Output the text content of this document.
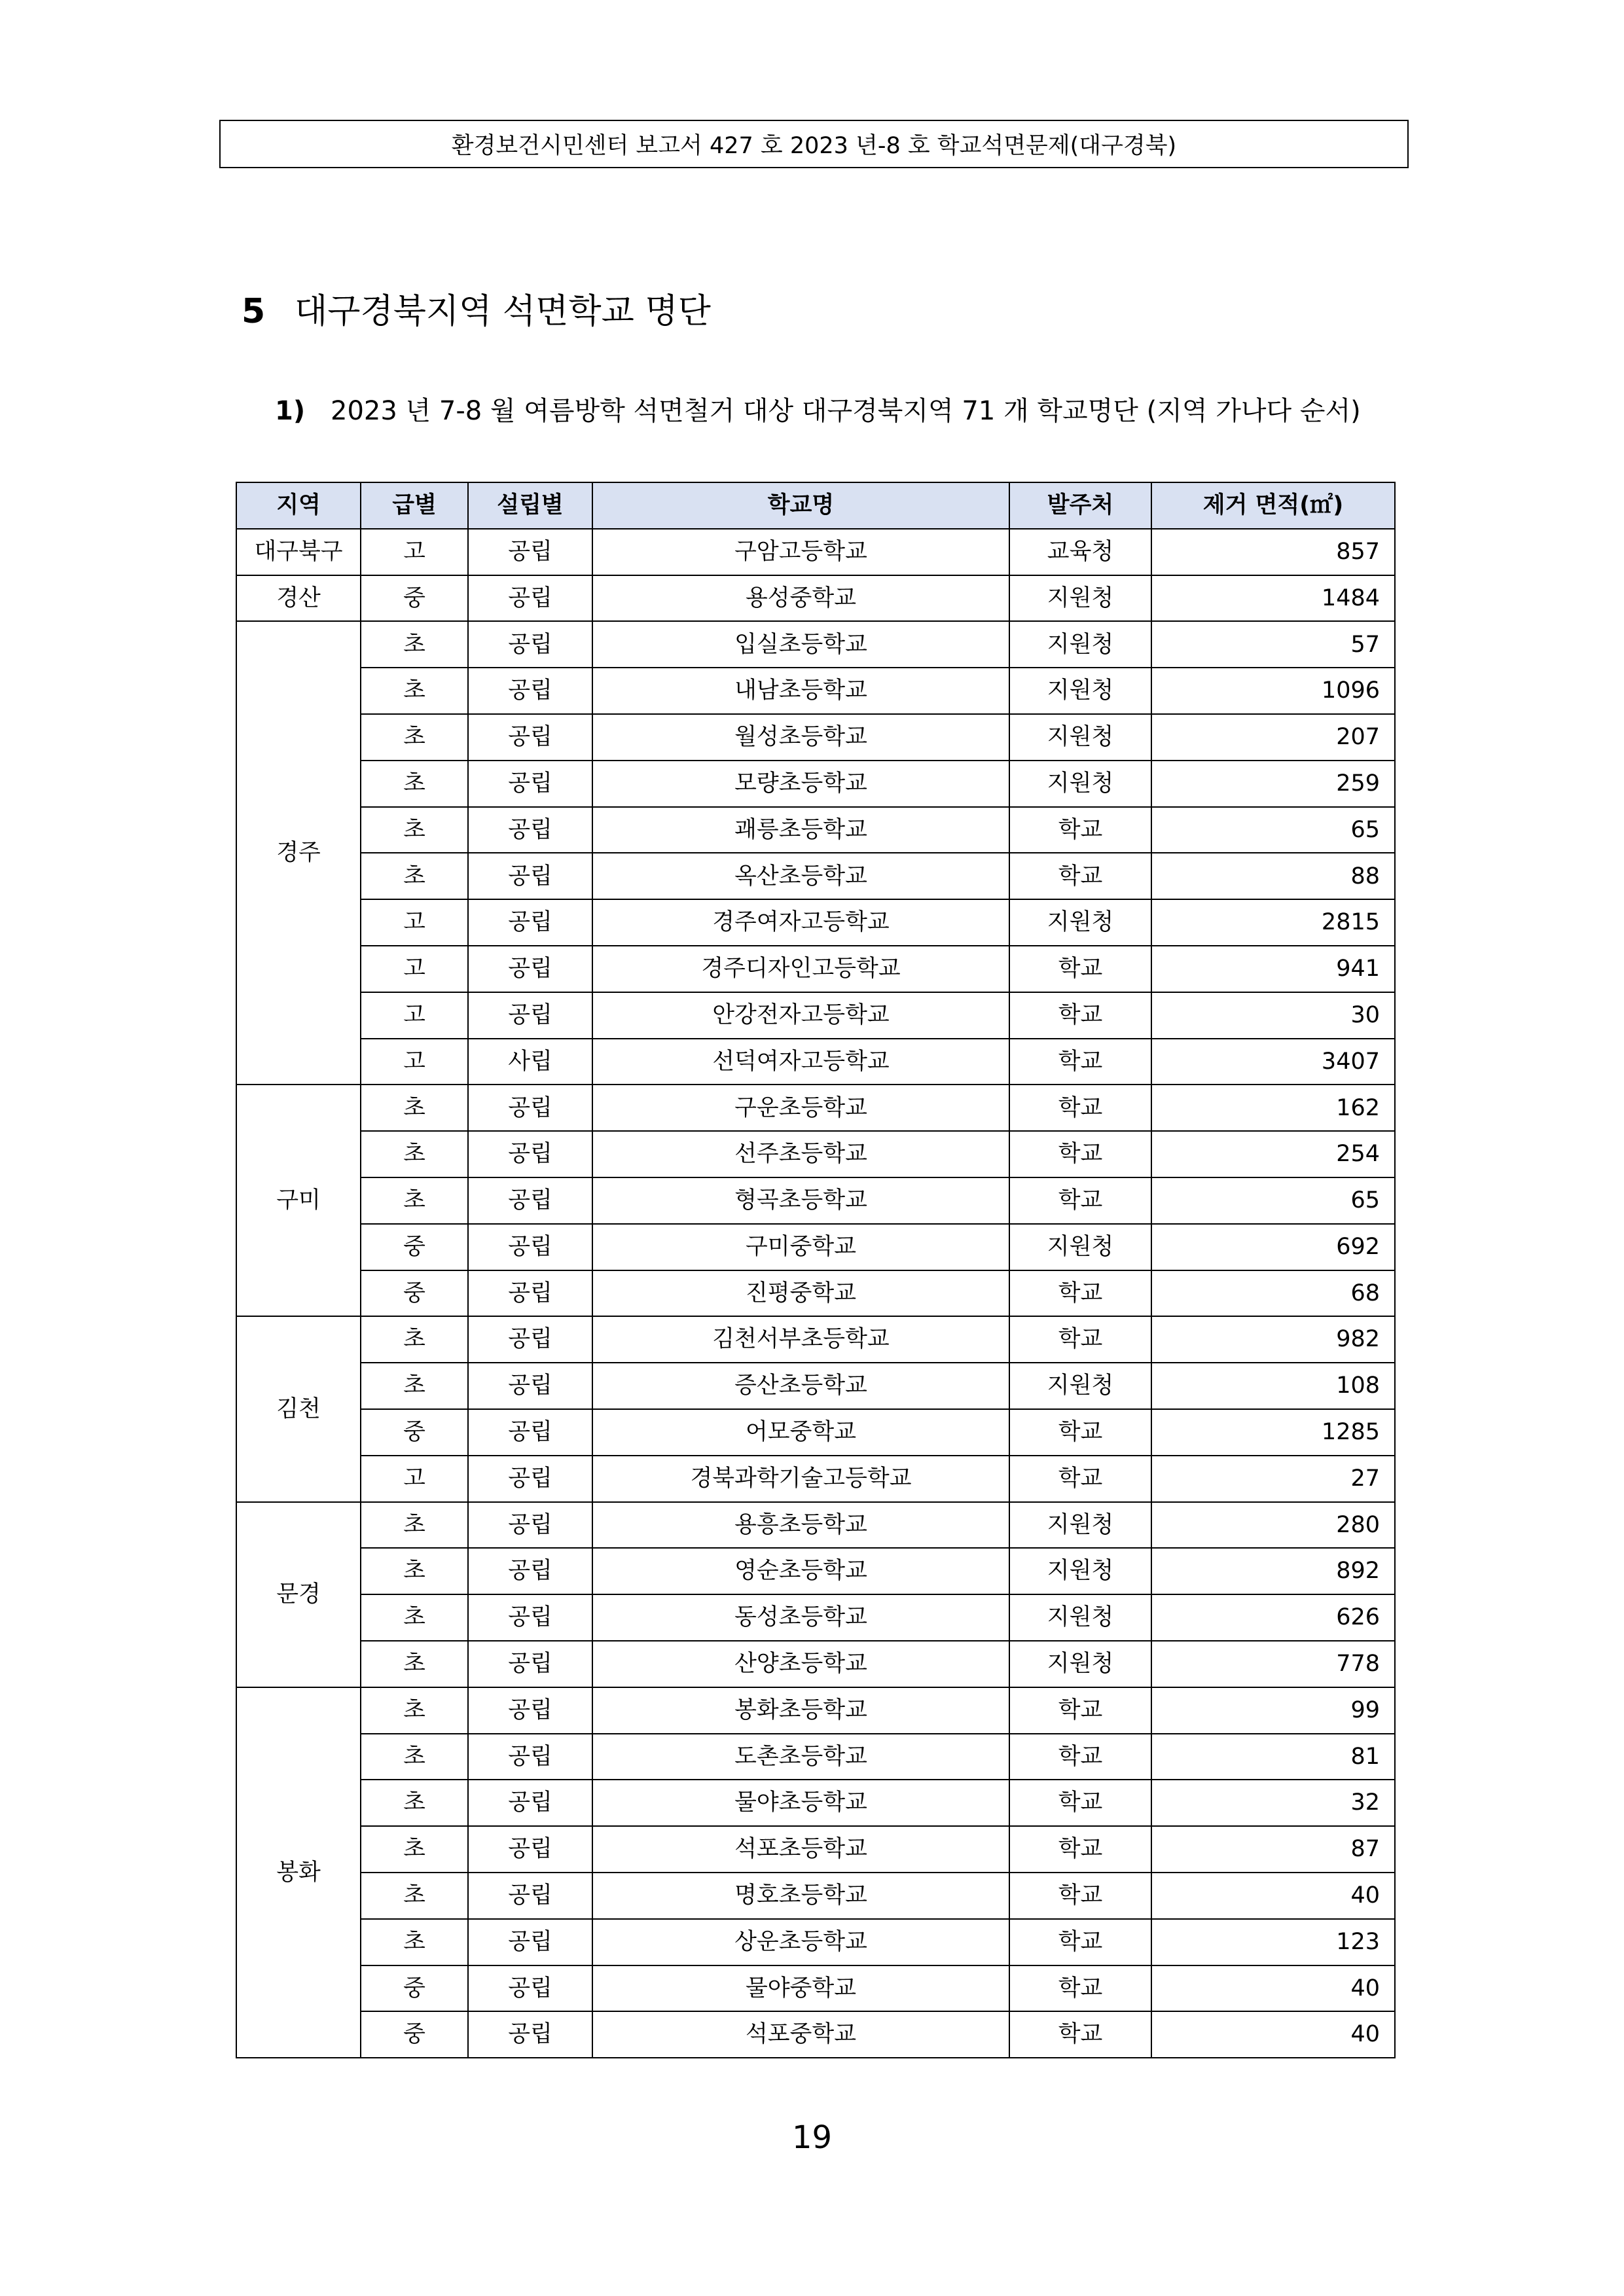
환경보건시민센터 보고서 427 호 2023 년-8 호 학교석면문제(대구경북)
5 대구경북지역 석면학교 명단
1) 2023 년 7-8 월 여름방학 석면철거 대상 대구경북지역 71 개 학교명단 (지역 가나다 순서)
지역	급별	설립별	학교명	발주처	제거 면적(㎡)
대구북구	고	공립	구암고등학교	교육청	857
경산	중	공립	용성중학교	지원청	1484
경주	초	공립	입실초등학교	지원청	57
	초	공립	내남초등학교	지원청	1096
	초	공립	월성초등학교	지원청	207
	초	공립	모량초등학교	지원청	259
	초	공립	괘릉초등학교	학교	65
	초	공립	옥산초등학교	학교	88
	고	공립	경주여자고등학교	지원청	2815
	고	공립	경주디자인고등학교	학교	941
	고	공립	안강전자고등학교	학교	30
	고	사립	선덕여자고등학교	학교	3407
구미	초	공립	구운초등학교	학교	162
	초	공립	선주초등학교	학교	254
	초	공립	형곡초등학교	학교	65
	중	공립	구미중학교	지원청	692
	중	공립	진평중학교	학교	68
김천	초	공립	김천서부초등학교	학교	982
	초	공립	증산초등학교	지원청	108
	중	공립	어모중학교	학교	1285
	고	공립	경북과학기술고등학교	학교	27
문경	초	공립	용흥초등학교	지원청	280
	초	공립	영순초등학교	지원청	892
	초	공립	동성초등학교	지원청	626
	초	공립	산양초등학교	지원청	778
봉화	초	공립	봉화초등학교	학교	99
	초	공립	도촌초등학교	학교	81
	초	공립	물야초등학교	학교	32
	초	공립	석포초등학교	학교	87
	초	공립	명호초등학교	학교	40
	초	공립	상운초등학교	학교	123
	중	공립	물야중학교	학교	40
	중	공립	석포중학교	학교	40
19
